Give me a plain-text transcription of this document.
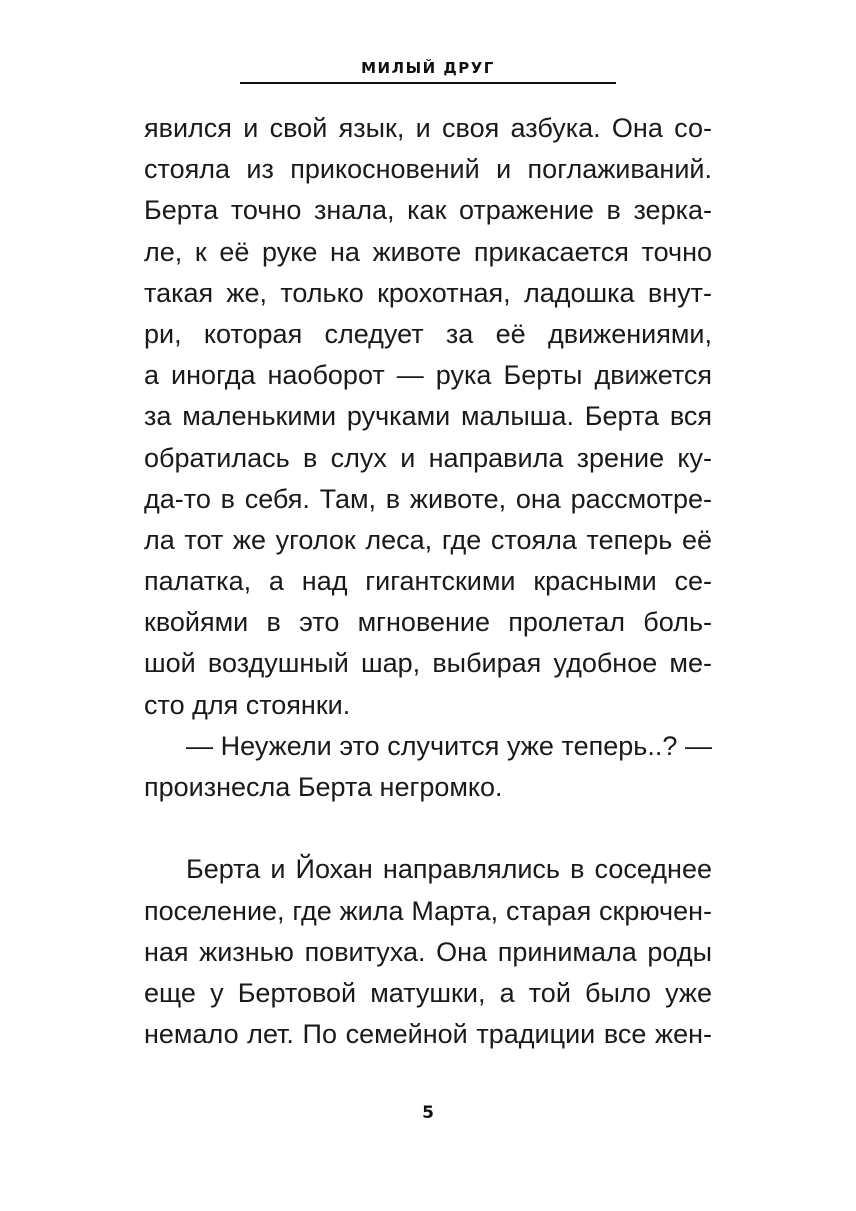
МИЛЫЙ ДРУГ
явился и свой язык, и своя азбука. Она со-
стояла из прикосновений и поглаживаний.
Берта точно знала, как отражение в зерка-
ле, к её руке на животе прикасается точно
такая же, только крохотная, ладошка внут-
ри, которая следует за её движениями,
а иногда наоборот — рука Берты движется
за маленькими ручками малыша. Берта вся
обратилась в слух и направила зрение ку-
да-то в себя. Там, в животе, она рассмотре-
ла тот же уголок леса, где стояла теперь её
палатка, а над гигантскими красными се-
квойями в это мгновение пролетал боль-
шой воздушный шар, выбирая удобное ме-
сто для стоянки.
— Неужели это случится уже теперь..? —
произнесла Берта негромко.
Берта и Йохан направлялись в соседнее
поселение, где жила Марта, старая скрючен-
ная жизнью повитуха. Она принимала роды
еще у Бертовой матушки, а той было уже
немало лет. По семейной традиции все жен-
5
